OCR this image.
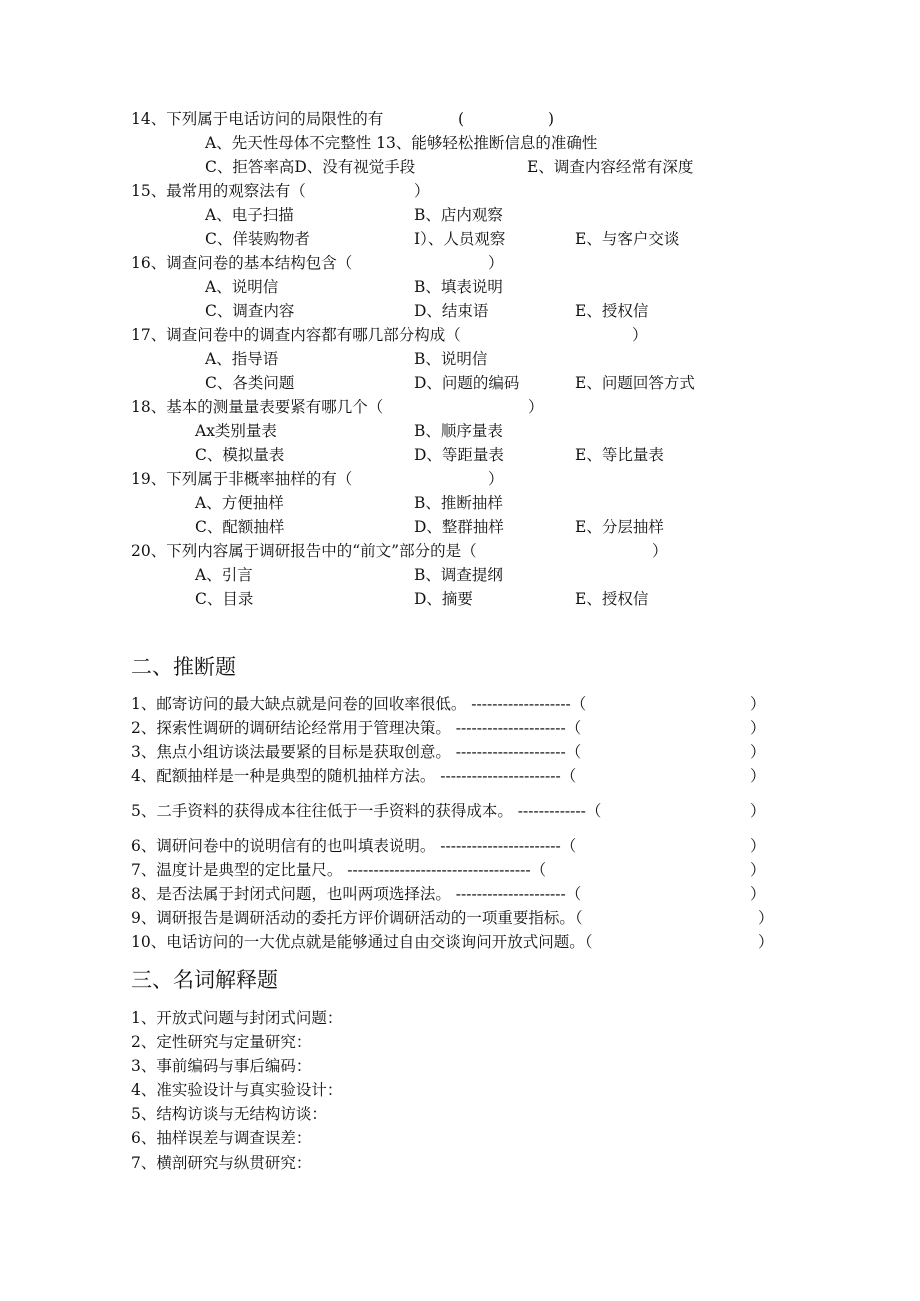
14、下列属于电话访问的局限性的有	(	)
A、先天性母体不完整性 13、能够轻松推断信息的准确性
C、拒答率高D、没有视觉手段	E、调查内容经常有深度
15、最常用的观察法有（	）
A、电子扫描	B、店内观察
C、佯装购物者	I）、人员观察	E、与客户交谈
16、调查问卷的基本结构包含（	）
A、说明信	B、填表说明
C、调查内容	D、结束语	E、授权信
17、调查问卷中的调查内容都有哪几部分构成（	）
A、指导语	B、说明信
C、各类问题	D、问题的编码	E、问题回答方式
18、基本的测量量表要紧有哪几个（	）
Ax类别量表	B、顺序量表
C、模拟量表	D、等距量表	E、等比量表
19、下列属于非概率抽样的有（	）
A、方便抽样	B、推断抽样
C、配额抽样	D、整群抽样	E、分层抽样
20、下列内容属于调研报告中的“前文”部分的是（	）
A、引言	B、调查提纲
C、目录	D、摘要	E、授权信
二、推断题
1、邮寄访问的最大缺点就是问卷的回收率很低。 -------------------（	）
2、探索性调研的调研结论经常用于管理决策。 ---------------------（	）
3、焦点小组访谈法最要紧的目标是获取创意。 ---------------------（	）
4、配额抽样是一种是典型的随机抽样方法。 -----------------------（	）
5、二手资料的获得成本往往低于一手资料的获得成本。 -------------（	）
6、调研问卷中的说明信有的也叫填表说明。 -----------------------（	）
7、温度计是典型的定比量尺。 -----------------------------------（	）
8、是否法属于封闭式问题，也叫两项选择法。 ---------------------（	）
9、调研报告是调研活动的委托方评价调研活动的一项重要指标。（	）
10、电话访问的一大优点就是能够通过自由交谈询问开放式问题。（	）
三、名词解释题
1、开放式问题与封闭式问题：
2、定性研究与定量研究：
3、事前编码与事后编码：
4、准实验设计与真实验设计：
5、结构访谈与无结构访谈：
6、抽样误差与调查误差：
7、横剖研究与纵贯研究：
